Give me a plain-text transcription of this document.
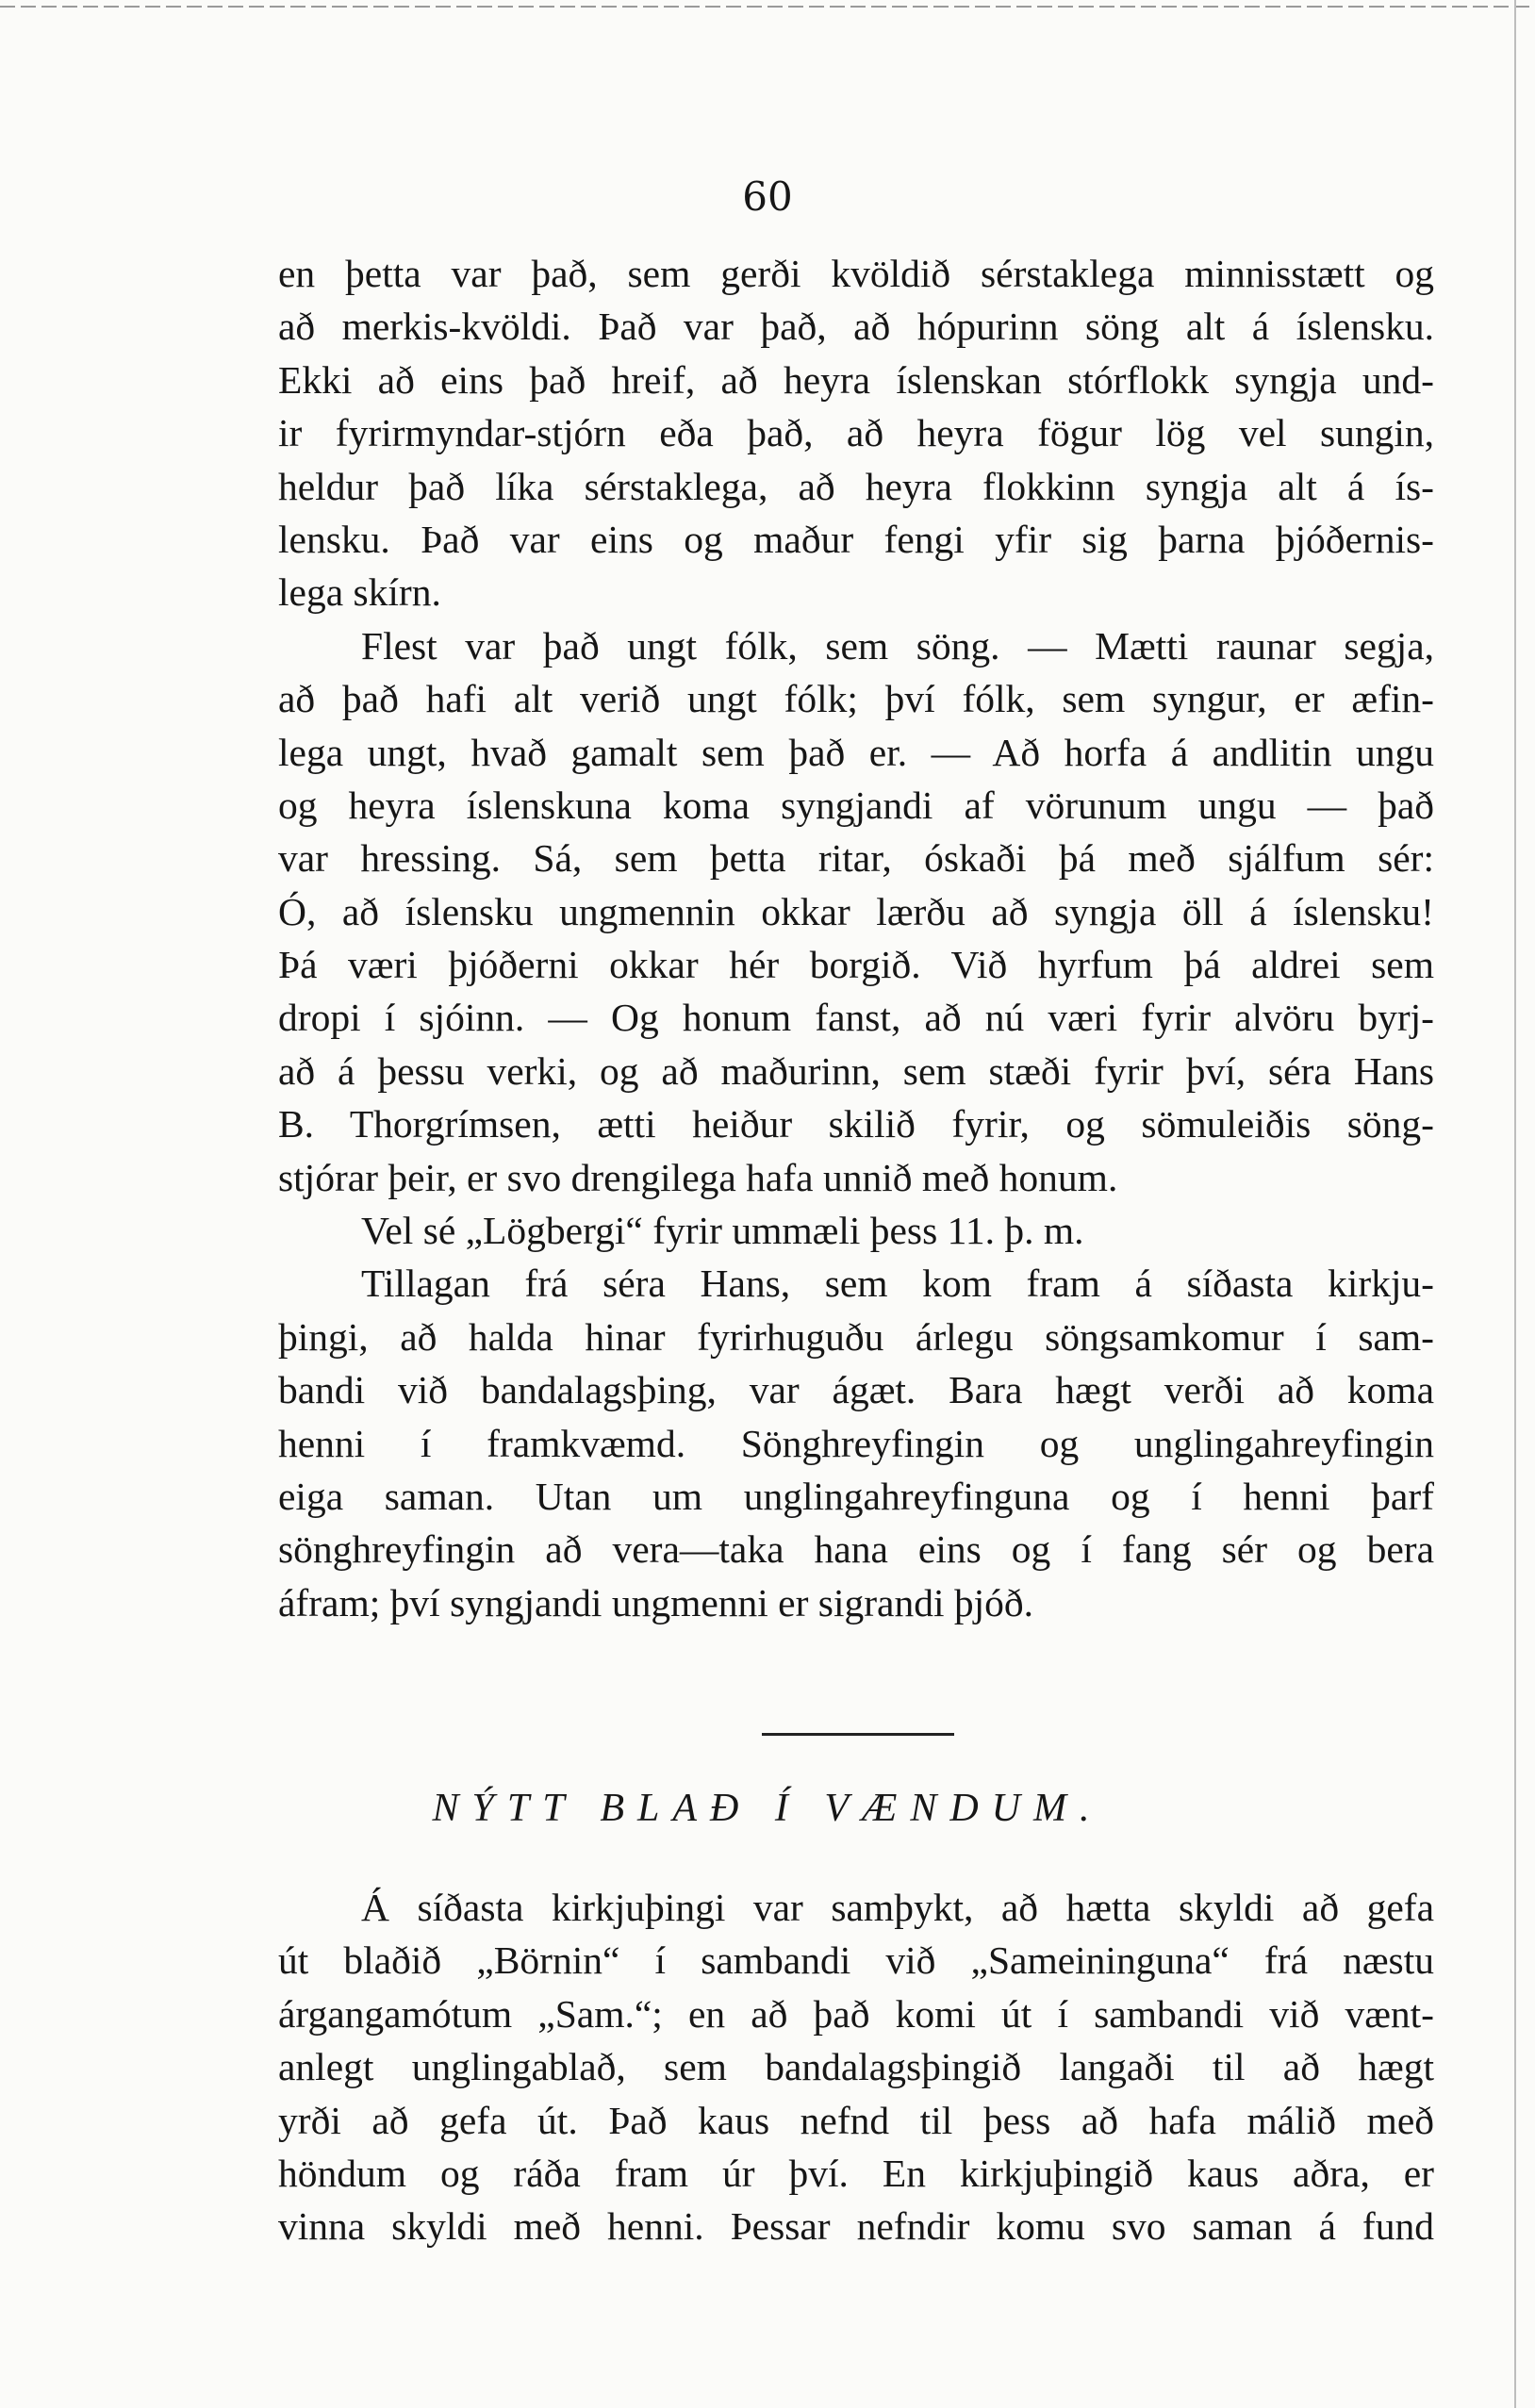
60
en þetta var það, sem gerði kvöldið sérstaklega minnisstætt og
að merkis-kvöldi. Það var það, að hópurinn söng alt á íslensku.
Ekki að eins það hreif, að heyra íslenskan stórflokk syngja und-
ir fyrirmyndar-stjórn eða það, að heyra fögur lög vel sungin,
heldur það líka sérstaklega, að heyra flokkinn syngja alt á ís-
lensku. Það var eins og maður fengi yfir sig þarna þjóðernis-
lega skírn.
Flest var það ungt fólk, sem söng. — Mætti raunar segja,
að það hafi alt verið ungt fólk; því fólk, sem syngur, er æfin-
lega ungt, hvað gamalt sem það er. — Að horfa á andlitin ungu
og heyra íslenskuna koma syngjandi af vörunum ungu — það
var hressing. Sá, sem þetta ritar, óskaði þá með sjálfum sér:
Ó, að íslensku ungmennin okkar lærðu að syngja öll á íslensku!
Þá væri þjóðerni okkar hér borgið. Við hyrfum þá aldrei sem
dropi í sjóinn. — Og honum fanst, að nú væri fyrir alvöru byrj-
að á þessu verki, og að maðurinn, sem stæði fyrir því, séra Hans
B. Thorgrímsen, ætti heiður skilið fyrir, og sömuleiðis söng-
stjórar þeir, er svo drengilega hafa unnið með honum.
Vel sé „Lögbergi“ fyrir ummæli þess 11. þ. m.
Tillagan frá séra Hans, sem kom fram á síðasta kirkju-
þingi, að halda hinar fyrirhuguðu árlegu söngsamkomur í sam-
bandi við bandalagsþing, var ágæt. Bara hægt verði að koma
henni í framkvæmd. Sönghreyfingin og unglingahreyfingin
eiga saman. Utan um unglingahreyfinguna og í henni þarf
sönghreyfingin að vera—taka hana eins og í fang sér og bera
áfram; því syngjandi ungmenni er sigrandi þjóð.
NÝTT BLAÐ Í VÆNDUM.
Á síðasta kirkjuþingi var samþykt, að hætta skyldi að gefa
út blaðið „Börnin“ í sambandi við „Sameininguna“ frá næstu
árgangamótum „Sam.“; en að það komi út í sambandi við vænt-
anlegt unglingablað, sem bandalagsþingið langaði til að hægt
yrði að gefa út. Það kaus nefnd til þess að hafa málið með
höndum og ráða fram úr því. En kirkjuþingið kaus aðra, er
vinna skyldi með henni. Þessar nefndir komu svo saman á fund
